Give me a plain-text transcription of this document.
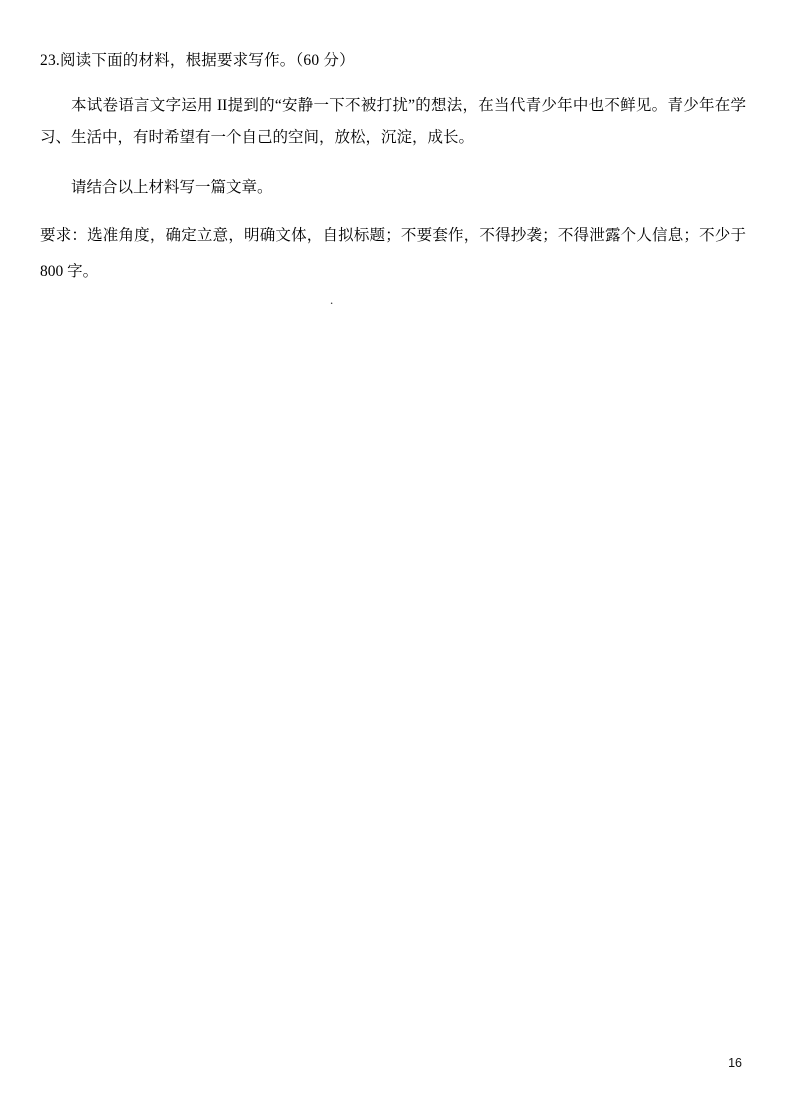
23.阅读下面的材料，根据要求写作。（60 分）
本试卷语言文字运用 II提到的“安静一下不被打扰”的想法，在当代青少年中也不鲜见。青少年在学习、生活中，有时希望有一个自己的空间，放松，沉淀，成长。
请结合以上材料写一篇文章。
要求：选准角度，确定立意，明确文体，自拟标题；不要套作，不得抄袭；不得泄露个人信息；不少于 800 字。
.
16
